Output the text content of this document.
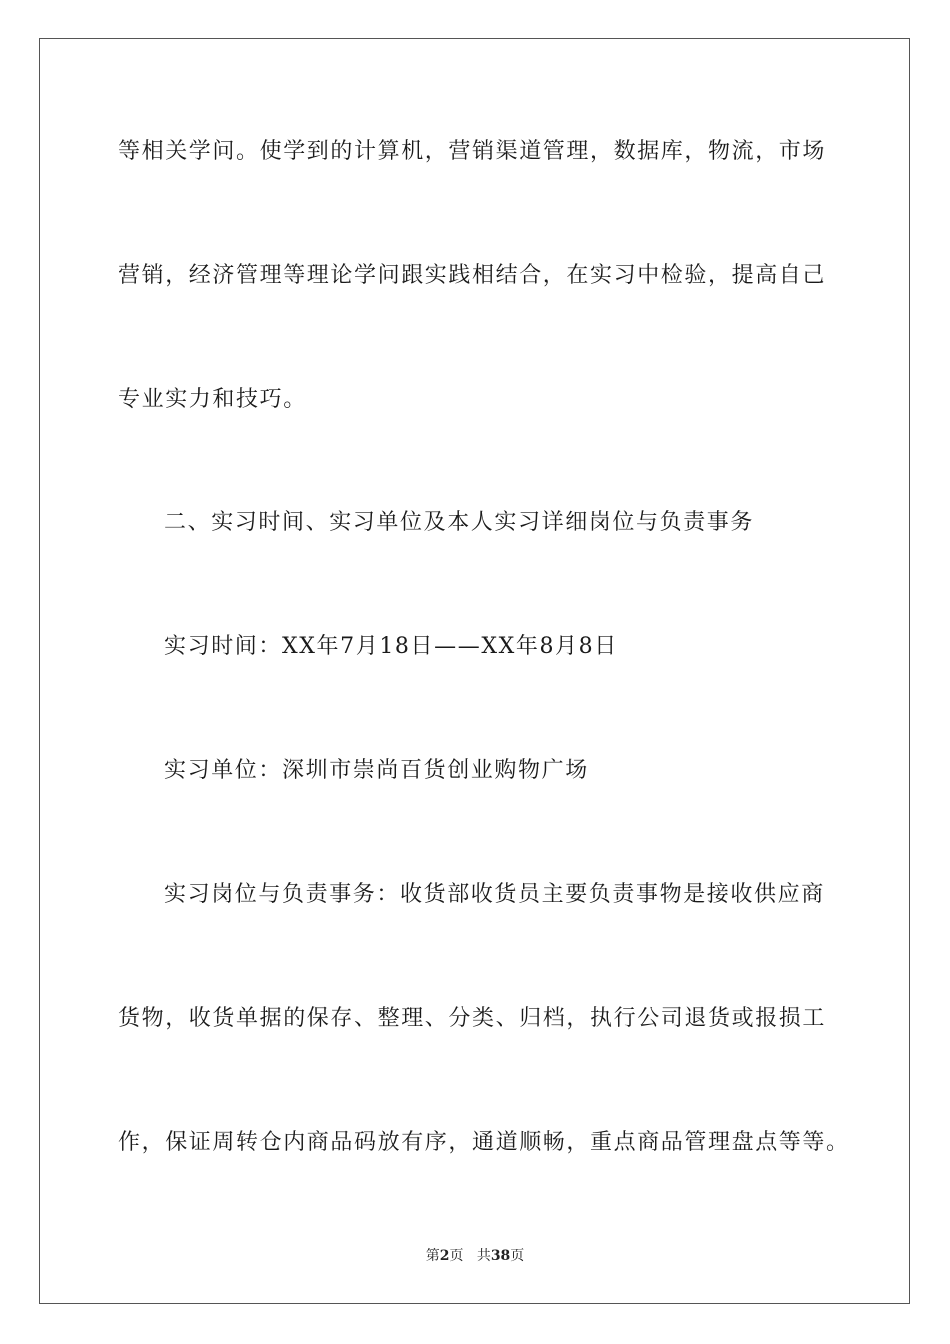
等相关学问。使学到的计算机，营销渠道管理，数据库，物流，市场
营销，经济管理等理论学问跟实践相结合，在实习中检验，提高自己
专业实力和技巧。
二、实习时间、实习单位及本人实习详细岗位与负责事务
实习时间：XX年7月18日——XX年8月8日
实习单位：深圳市崇尚百货创业购物广场
实习岗位与负责事务：收货部收货员主要负责事物是接收供应商
货物，收货单据的保存、整理、分类、归档，执行公司退货或报损工
作，保证周转仓内商品码放有序，通道顺畅，重点商品管理盘点等等。
第2页 共38页
